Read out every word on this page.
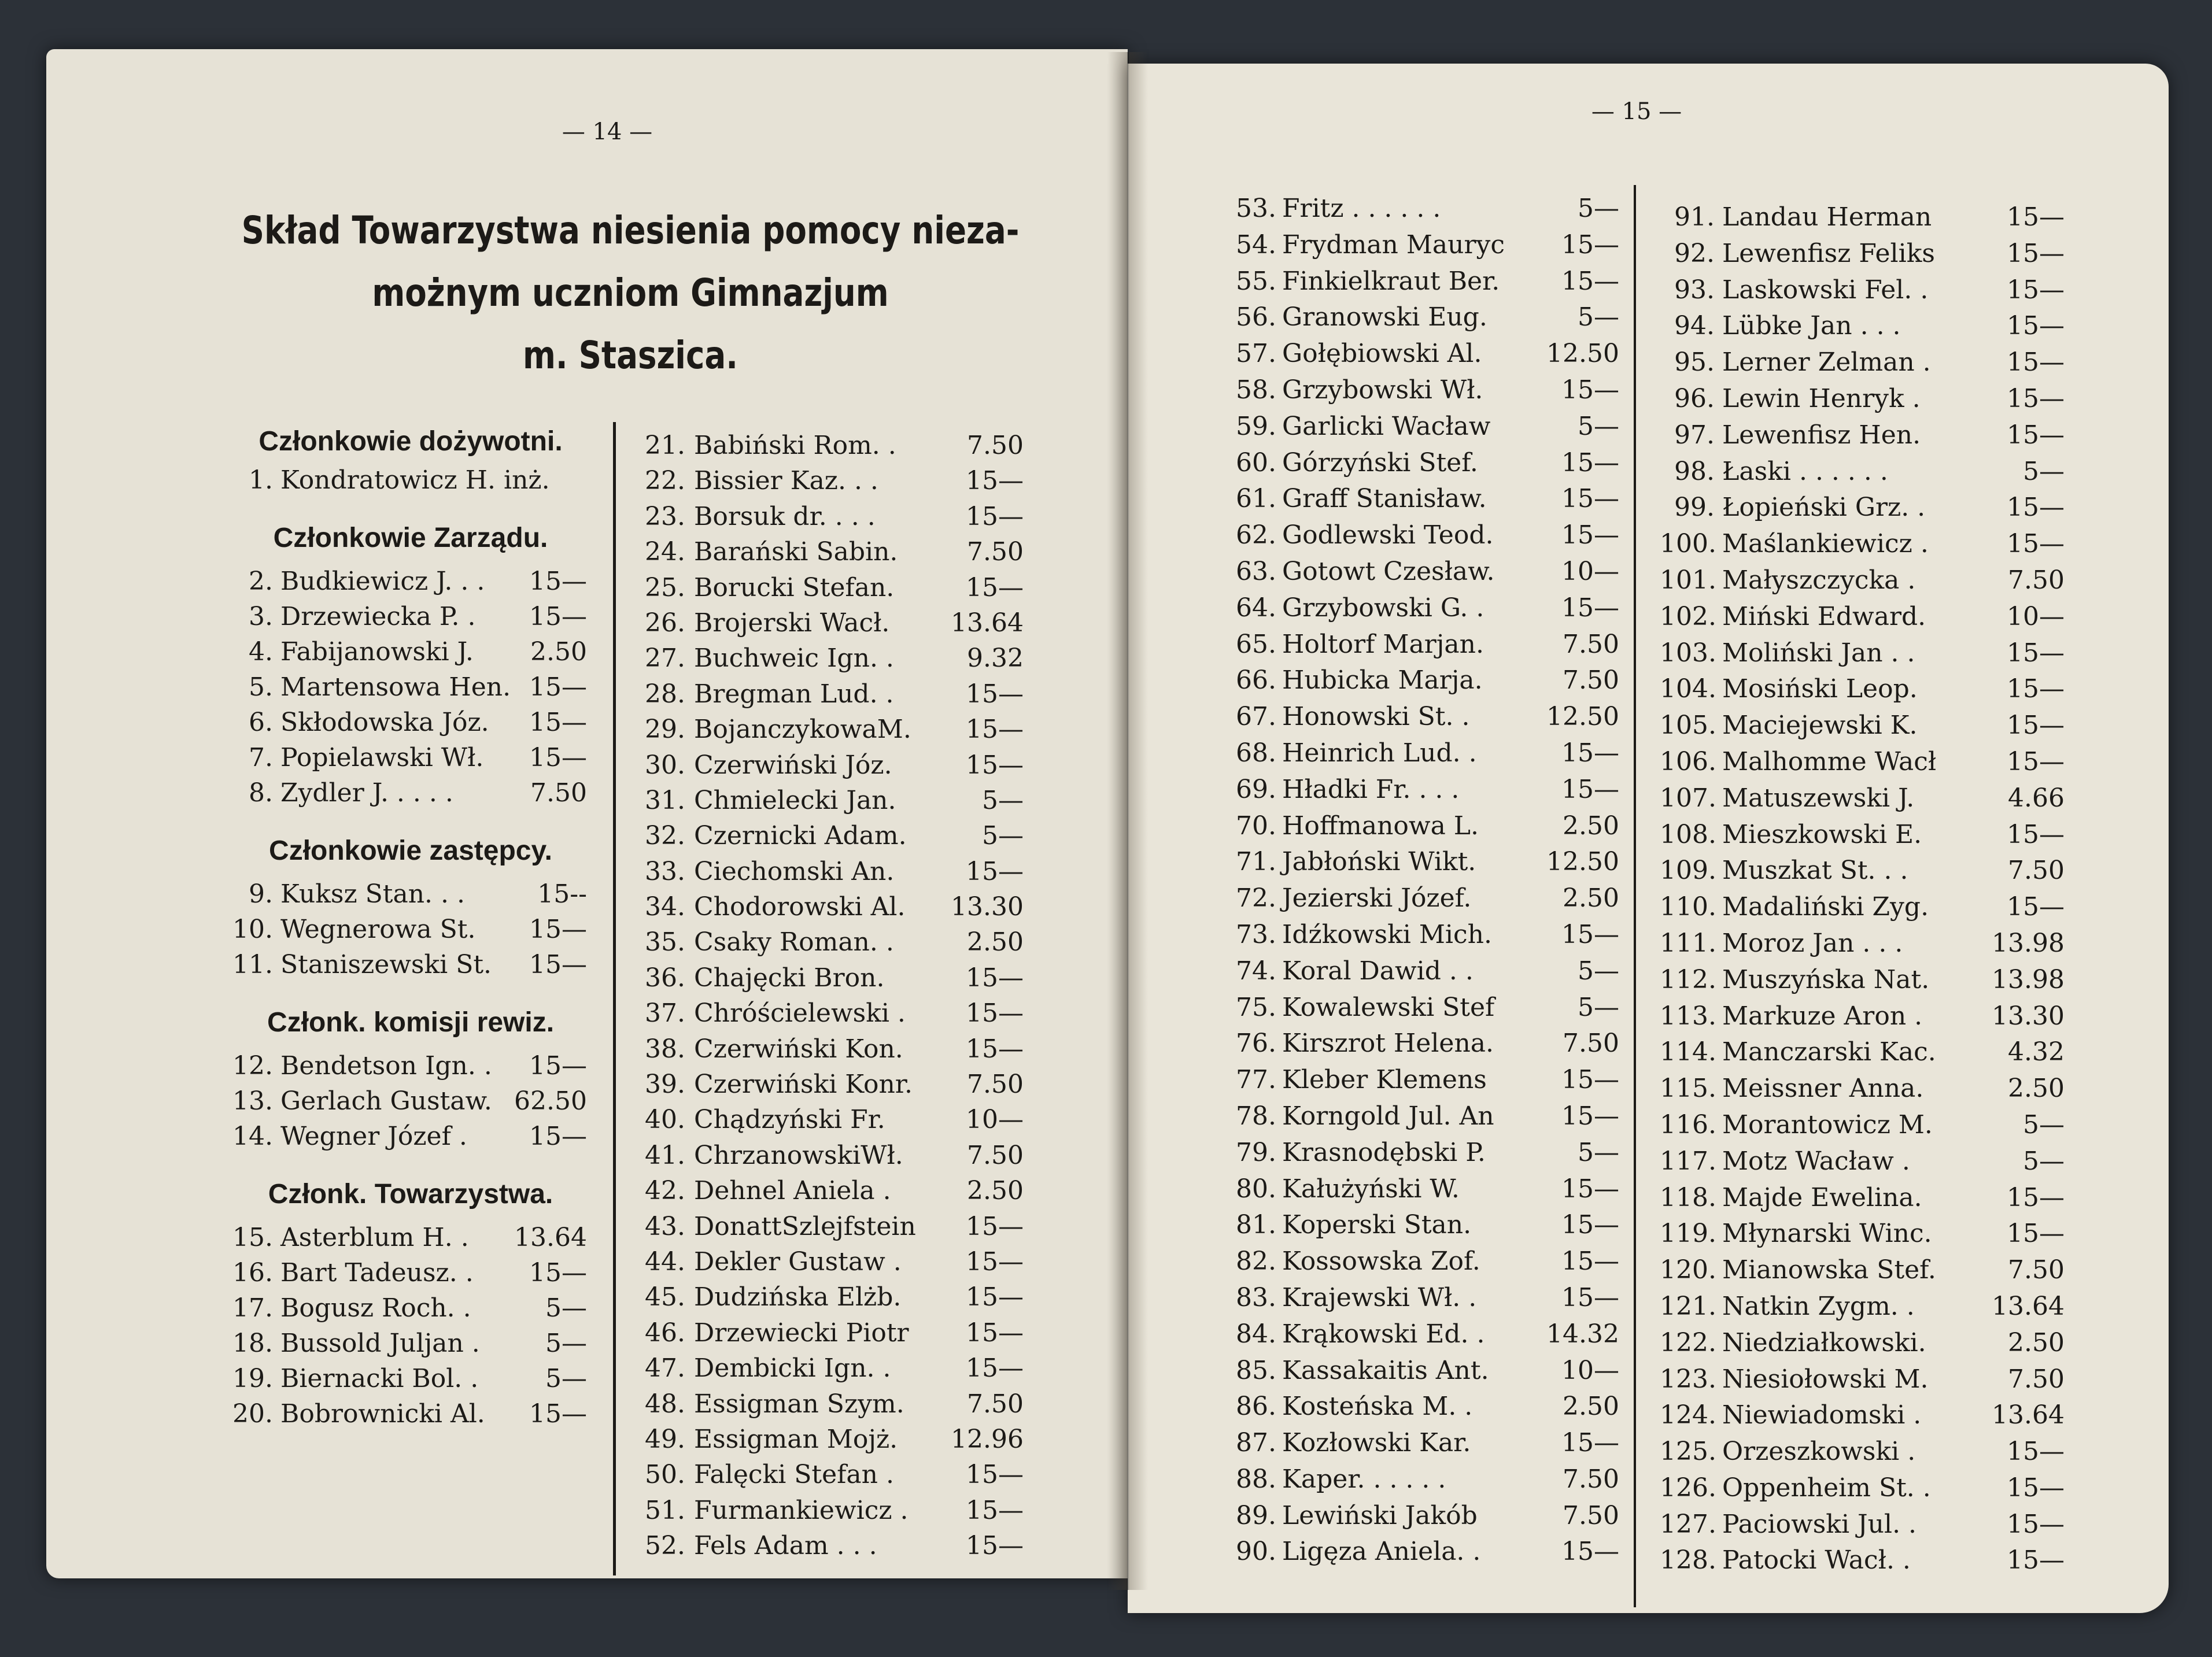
— 14 —
Skład Towarzystwa niesienia pomocy nieza-
możnym uczniom Gimnazjum
m. Staszica.
Członkowie dożywotni.
1. Kondratowicz H. inż.
Członkowie Zarządu.
2. Budkiewicz J. . . 15—
3. Drzewiecka P. . 15—
4. Fabijanowski J. 2.50
5. Martensowa Hen. 15—
6. Skłodowska Józ. 15—
7. Popielawski Wł. 15—
8. Zydler J. . . . .	7.50
Członkowie zastępcy.
9. Kuksz Stan. . .	15--
10. Wegnerowa St. 15—
11. Staniszewski St. 15—
Członk. komisji rewiz.
12. Bendetson Ign. . 15—
13. Gerlach Gustaw. 62.50
14. Wegner Józef . 15—
Członk. Towarzystwa.
15. Asterblum H. . 13.64
16. Bart Tadeusz. . 15—
17. Bogusz Roch. .	5—
18. Bussold Juljan .	5—
19. Biernacki Bol. .	5—
20. Bobrownicki Al. 15—
21. Babiński Rom. .	7.50
22. Bissier Kaz. . .	15—
23. Borsuk dr. . . .	15—
24. Barański Sabin.	7.50
25. Borucki Stefan.	15—
26. Brojerski Wacł. 13.64
27. Buchweic Ign. .	9.32
28. Bregman Lud. .	15—
29. BojanczykowaM. 15—
30. Czerwiński Józ.	15—
31. Chmielecki Jan.	5—
32. Czernicki Adam.	5—
33. Ciechomski An.	15—
34. Chodorowski Al. 13.30
35. Csaky Roman. .	2.50
36. Chajęcki Bron.	15—
37. Chróścielewski . 15—
38. Czerwiński Kon. 15—
39. Czerwiński Konr. 7.50
40. Chądzyński Fr.	10—
41. ChrzanowskiWł.	7.50
42. Dehnel Aniela .	2.50
43. DonattSzlejfstein 15—
44. Dekler Gustaw .	15—
45. Dudzińska Elżb.	15—
46. Drzewiecki Piotr 15—
47. Dembicki Ign. .	15—
48. Essigman Szym. 7.50
49. Essigman Mojż. 12.96
50. Falęcki Stefan .	15—
51. Furmankiewicz . 15—
52. Fels Adam . . .	15—
— 15 —
53. Fritz . . . . . .	5—
54. Frydman Mauryc 15—
55. Finkielkraut Ber. 15—
56. Granowski Eug.	5—
57. Gołębiowski Al.	12.50
58. Grzybowski Wł.	15—
59. Garlicki Wacław	5—
60. Górzyński Stef.	15—
61. Graff Stanisław.	15—
62. Godlewski Teod.	15—
63. Gotowt Czesław.	10—
64. Grzybowski G. .	15—
65. Holtorf Marjan.	7.50
66. Hubicka Marja.	7.50
67. Honowski St. .	12.50
68. Heinrich Lud. .	15—
69. Hładki Fr. . . .	15—
70. Hoffmanowa L.	2.50
71. Jabłoński Wikt.	12.50
72. Jezierski Józef.	2.50
73. Idźkowski Mich.	15—
74. Koral Dawid . .	5—
75. Kowalewski Stef	5—
76. Kirszrot Helena.	7.50
77. Kleber Klemens	15—
78. Korngold Jul. An	15—
79. Krasnodębski P.	5—
80. Kałużyński W.	15—
81. Koperski Stan.	15—
82. Kossowska Zof.	15—
83. Krajewski Wł. .	15—
84. Krąkowski Ed. . 14.32
85. Kassakaitis Ant.	10—
86. Kosteńska M. .	2.50
87. Kozłowski Kar.	15—
88. Kaper. . . . . .	7.50
89. Lewiński Jakób	7.50
90. Ligęza Aniela. .	15—
91. Landau Herman	15—
92. Lewenfisz Feliks	15—
93. Laskowski Fel. .	15—
94. Lübke Jan . . .	15—
95. Lerner Zelman .	15—
96. Lewin Henryk .	15—
97. Lewenfisz Hen.	15—
98. Łaski . . . . . .	5—
99. Łopieński Grz. .	15—
100. Maślankiewicz .	15—
101. Małyszczycka .	7.50
102. Miński Edward.	10—
103. Moliński Jan . .	15—
104. Mosiński Leop.	15—
105. Maciejewski K.	15—
106. Malhomme Wacł	15—
107. Matuszewski J.	4.66
108. Mieszkowski E.	15—
109. Muszkat St. . .	7.50
110. Madaliński Zyg.	15—
111. Moroz Jan . . .	13.98
112. Muszyńska Nat. 13.98
113. Markuze Aron .	13.30
114. Manczarski Kac.	4.32
115. Meissner Anna.	2.50
116. Morantowicz M.	5—
117. Motz Wacław .	5—
118. Majde Ewelina.	15—
119. Młynarski Winc.	15—
120. Mianowska Stef.	7.50
121. Natkin Zygm. .	13.64
122. Niedziałkowski.	2.50
123. Niesiołowski M.	7.50
124. Niewiadomski .	13.64
125. Orzeszkowski .	15—
126. Oppenheim St. .	15—
127. Paciowski Jul. .	15—
128. Patocki Wacł. .	15—
